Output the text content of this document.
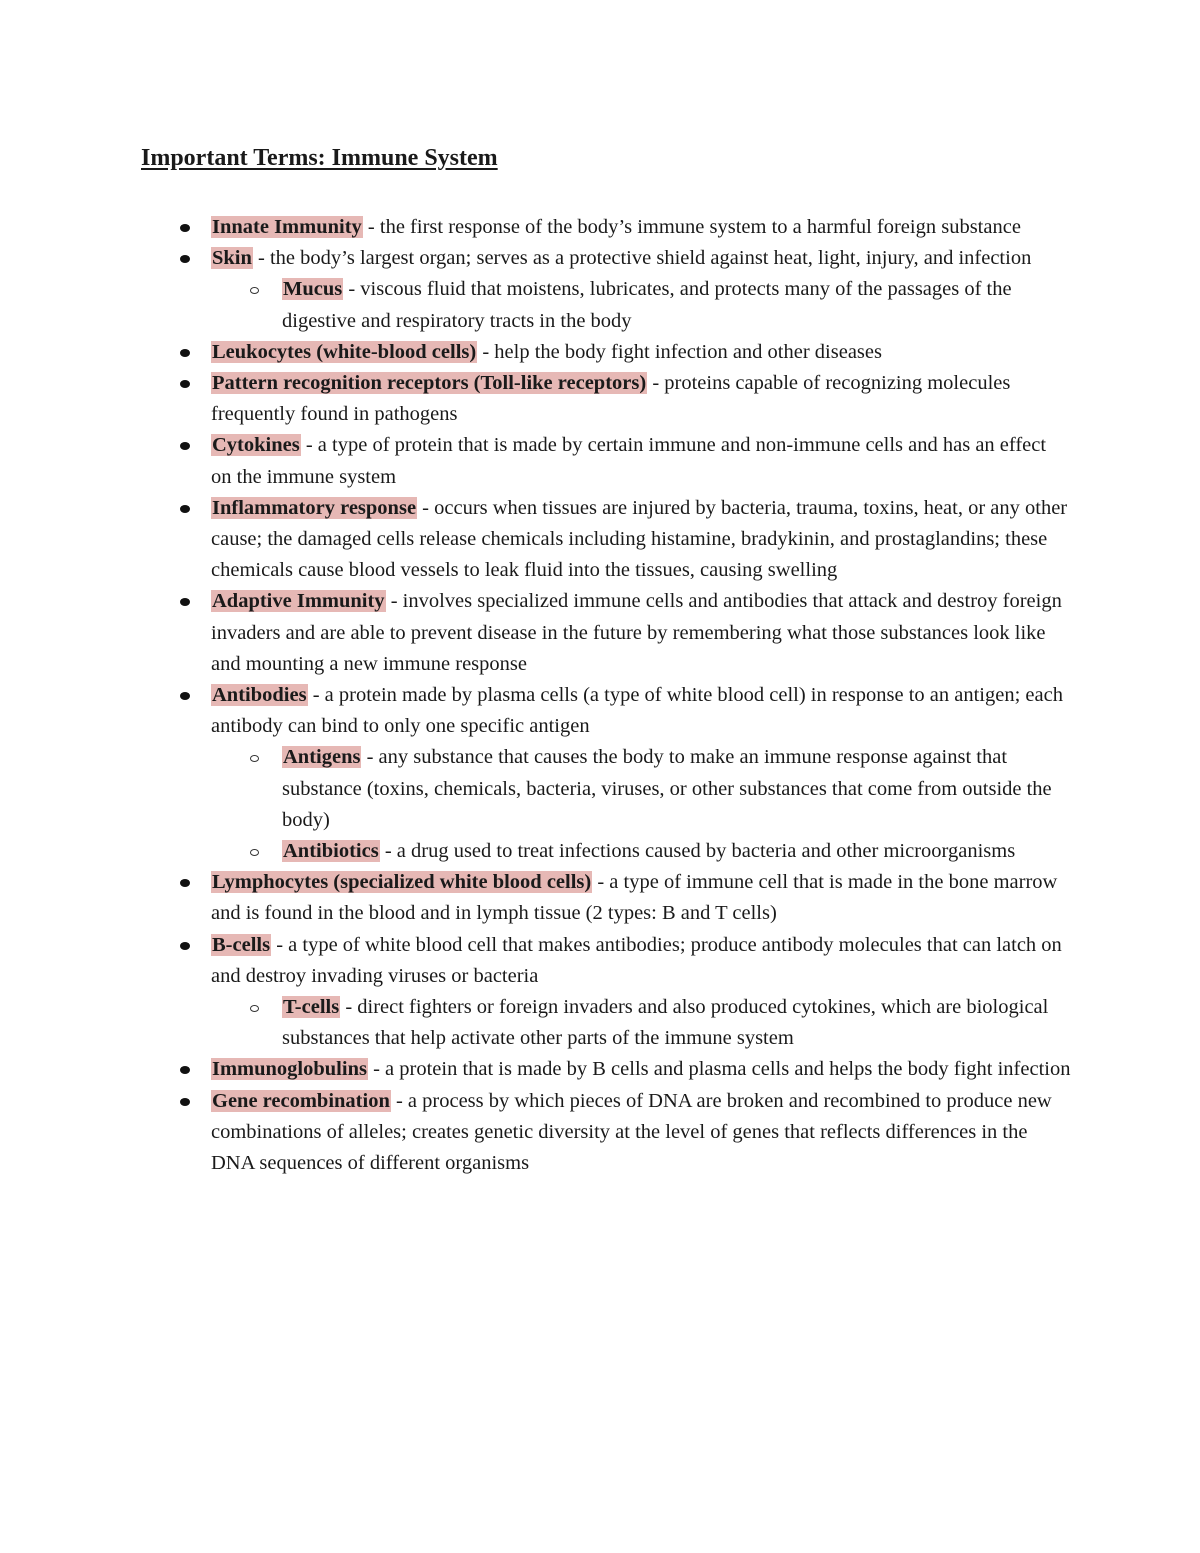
Important Terms: Immune System
Innate Immunity - the first response of the body’s immune system to a harmful foreign substance
Skin - the body’s largest organ; serves as a protective shield against heat, light, injury, and infection
Mucus - viscous fluid that moistens, lubricates, and protects many of the passages of the digestive and respiratory tracts in the body
Leukocytes (white-blood cells) - help the body fight infection and other diseases
Pattern recognition receptors (Toll-like receptors) - proteins capable of recognizing molecules frequently found in pathogens
Cytokines - a type of protein that is made by certain immune and non-immune cells and has an effect on the immune system
Inflammatory response - occurs when tissues are injured by bacteria, trauma, toxins, heat, or any other cause; the damaged cells release chemicals including histamine, bradykinin, and prostaglandins; these chemicals cause blood vessels to leak fluid into the tissues, causing swelling
Adaptive Immunity - involves specialized immune cells and antibodies that attack and destroy foreign invaders and are able to prevent disease in the future by remembering what those substances look like and mounting a new immune response
Antibodies - a protein made by plasma cells (a type of white blood cell) in response to an antigen; each antibody can bind to only one specific antigen
Antigens - any substance that causes the body to make an immune response against that substance (toxins, chemicals, bacteria, viruses, or other substances that come from outside the body)
Antibiotics - a drug used to treat infections caused by bacteria and other microorganisms
Lymphocytes (specialized white blood cells) - a type of immune cell that is made in the bone marrow and is found in the blood and in lymph tissue (2 types: B and T cells)
B-cells - a type of white blood cell that makes antibodies; produce antibody molecules that can latch on and destroy invading viruses or bacteria
T-cells - direct fighters or foreign invaders and also produced cytokines, which are biological substances that help activate other parts of the immune system
Immunoglobulins - a protein that is made by B cells and plasma cells and helps the body fight infection
Gene recombination - a process by which pieces of DNA are broken and recombined to produce new combinations of alleles; creates genetic diversity at the level of genes that reflects differences in the DNA sequences of different organisms
